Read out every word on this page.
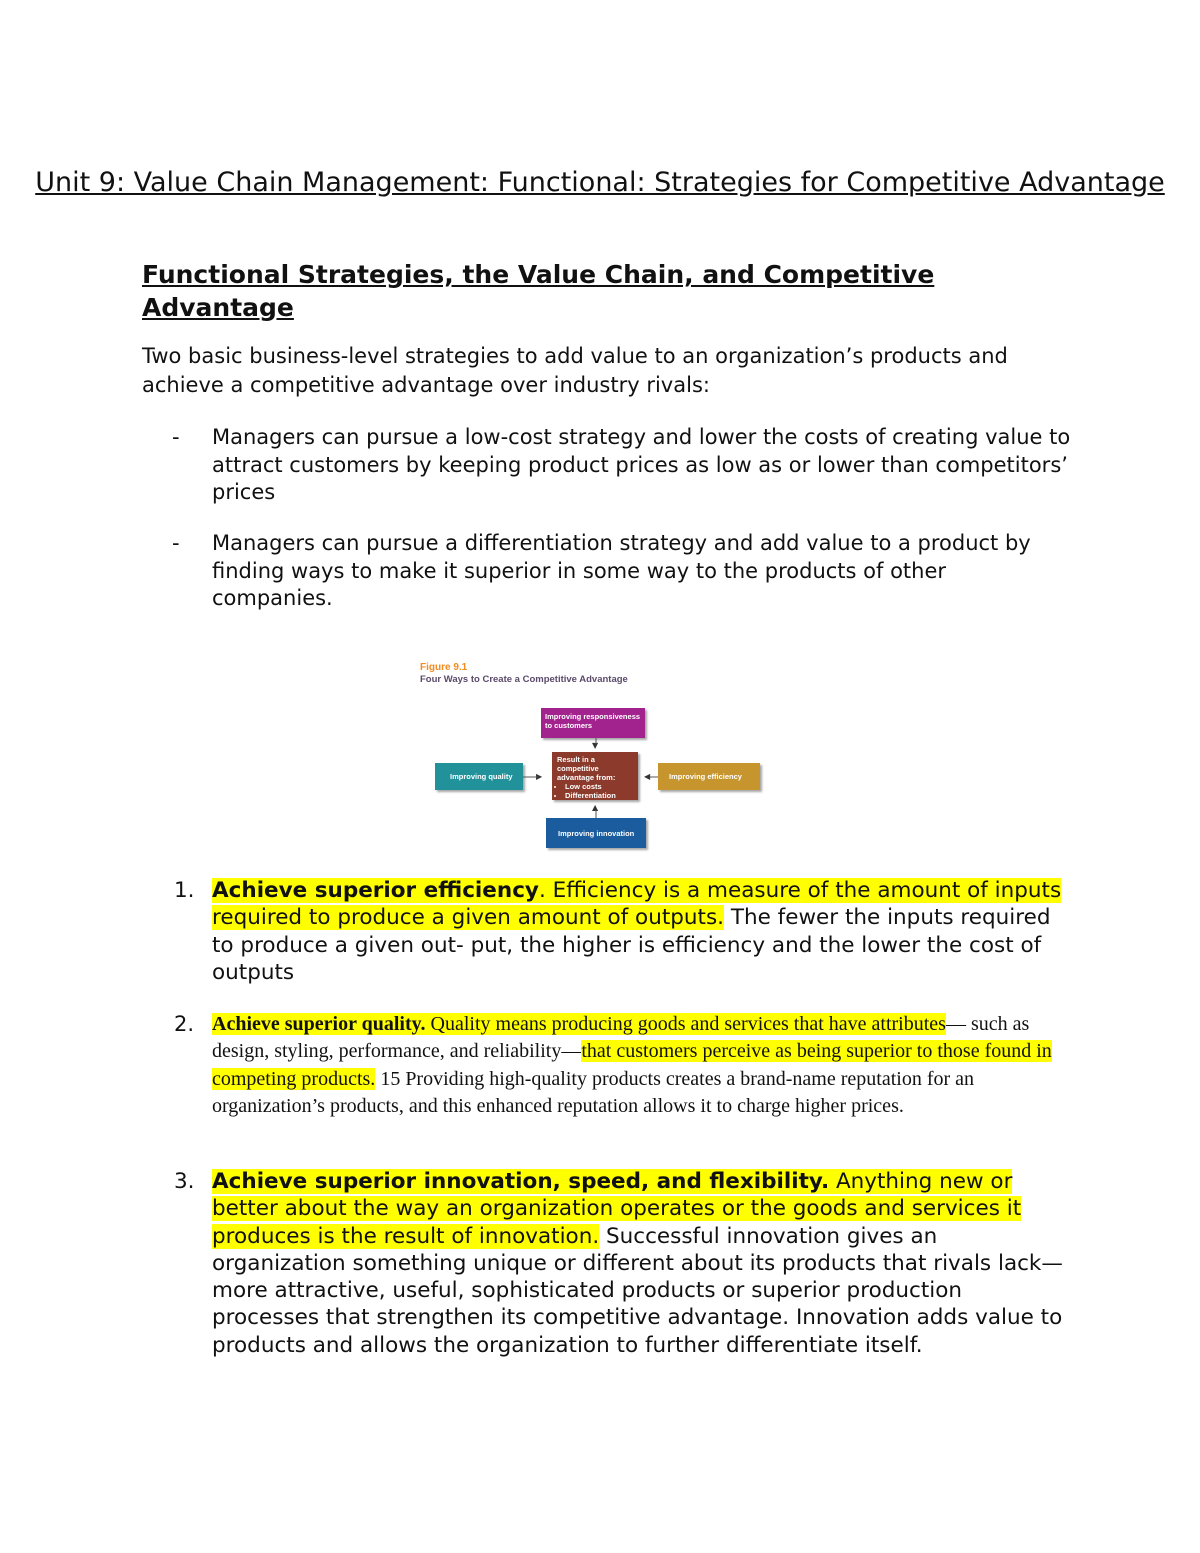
Unit 9: Value Chain Management: Functional: Strategies for Competitive Advantage
Functional Strategies, the Value Chain, and Competitive Advantage
Two basic business-level strategies to add value to an organization’s products and achieve a competitive advantage over industry rivals:
- Managers can pursue a low-cost strategy and lower the costs of creating value to attract customers by keeping product prices as low as or lower than competitors’ prices
- Managers can pursue a differentiation strategy and add value to a product by finding ways to make it superior in some way to the products of other companies.
Figure 9.1
Four Ways to Create a Competitive Advantage
Improving responsiveness to customers
Result in a competitive advantage from:
• Low costs
• Differentiation
Improving quality	Improving efficiency
Improving innovation
▼
▲
▶	◀
1. Achieve superior efficiency. Efficiency is a measure of the amount of inputs required to produce a given amount of outputs. The fewer the inputs required to produce a given out- put, the higher is efficiency and the lower the cost of outputs
2. Achieve superior quality. Quality means producing goods and services that have attributes— such as design, styling, performance, and reliability—that customers perceive as being superior to those found in competing products. 15 Providing high-quality products creates a brand-name reputation for an organization’s products, and this enhanced reputation allows it to charge higher prices.
3. Achieve superior innovation, speed, and flexibility. Anything new or better about the way an organization operates or the goods and services it produces is the result of innovation. Successful innovation gives an organization something unique or different about its products that rivals lack—more attractive, useful, sophisticated products or superior production processes that strengthen its competitive advantage. Innovation adds value to products and allows the organization to further differentiate itself.
